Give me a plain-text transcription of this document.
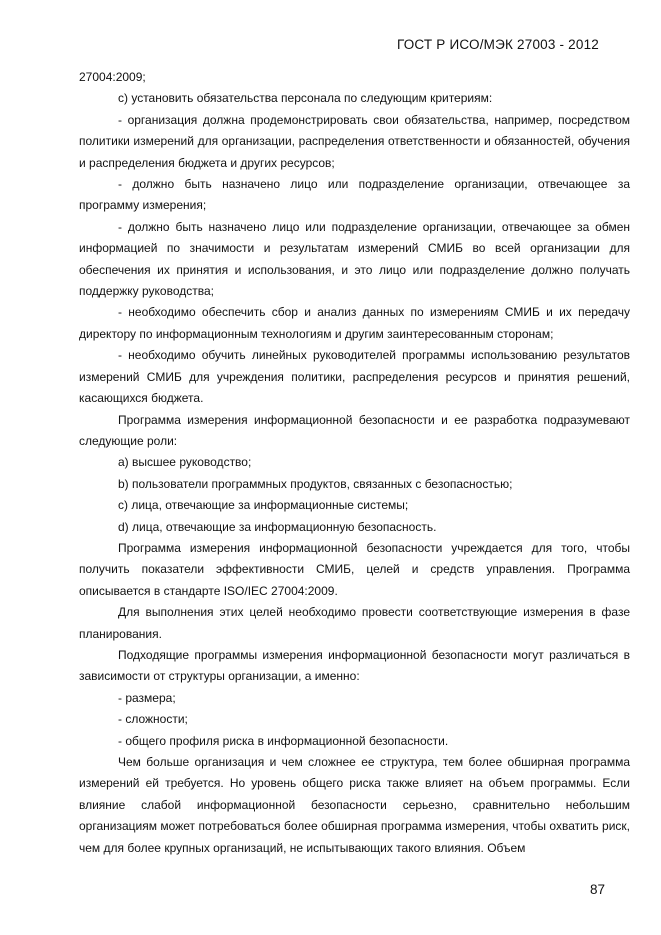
ГОСТ Р ИСО/МЭК 27003 - 2012

27004:2009;

c) установить обязательства персонала по следующим критериям:

- организация должна продемонстрировать свои обязательства, например, посредством политики измерений для организации, распределения ответственности и обязанностей, обучения и распределения бюджета и других ресурсов;

- должно быть назначено лицо или подразделение организации, отвечающее за программу измерения;

- должно быть назначено лицо или подразделение организации, отвечающее за обмен информацией по значимости и результатам измерений СМИБ во всей организации для обеспечения их принятия и использования, и это лицо или подразделение должно получать поддержку руководства;

- необходимо обеспечить сбор и анализ данных по измерениям СМИБ и их передачу директору по информационным технологиям и другим заинтересованным сторонам;

- необходимо обучить линейных руководителей программы использованию результатов измерений СМИБ для учреждения политики, распределения ресурсов и принятия решений, касающихся бюджета.

Программа измерения информационной безопасности и ее разработка подразумевают следующие роли:

a) высшее руководство;

b) пользователи программных продуктов, связанных с безопасностью;

c) лица, отвечающие за информационные системы;

d) лица, отвечающие за информационную безопасность.

Программа измерения информационной безопасности учреждается для того, чтобы получить показатели эффективности СМИБ, целей и средств управления. Программа описывается в стандарте ISO/IEC 27004:2009.

Для выполнения этих целей необходимо провести соответствующие измерения в фазе планирования.

Подходящие программы измерения информационной безопасности могут различаться в зависимости от структуры организации, а именно:

- размера;

- сложности;

- общего профиля риска в информационной безопасности.

Чем больше организация и чем сложнее ее структура, тем более обширная программа измерений ей требуется. Но уровень общего риска также влияет на объем программы. Если влияние слабой информационной безопасности серьезно, сравнительно небольшим организациям может потребоваться более обширная программа измерения, чтобы охватить риск, чем для более крупных организаций, не испытывающих такого влияния. Объем

87
